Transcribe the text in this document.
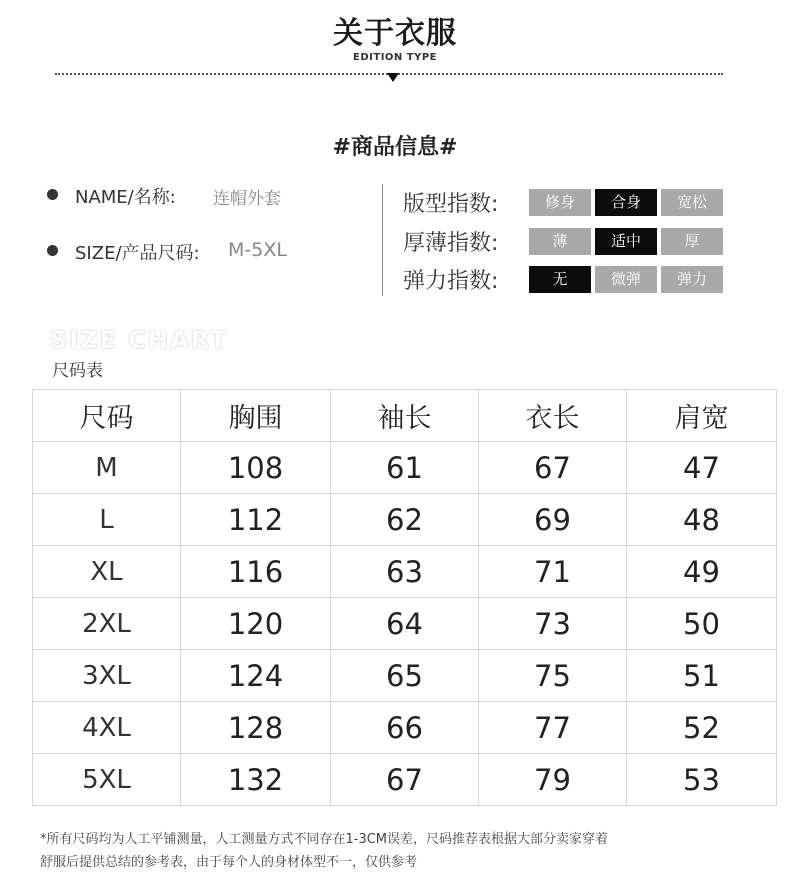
关于衣服
EDITION TYPE
#商品信息#
NAME/名称: 连帽外套
SIZE/产品尺码: M-5XL
版型指数:	修身	合身	宽松
厚薄指数:	薄	适中	厚
弹力指数:	无	微弹	弹力
SIZE CHART
尺码表
尺码	胸围	袖长	衣长	肩宽
M	108	61	67	47
L	112	62	69	48
XL	116	63	71	49
2XL	120	64	73	50
3XL	124	65	75	51
4XL	128	66	77	52
5XL	132	67	79	53
*所有尺码均为人工平铺测量，人工测量方式不同存在1-3CM误差，尺码推荐表根据大部分卖家穿着
舒服后提供总结的参考表，由于每个人的身材体型不一，仅供参考
